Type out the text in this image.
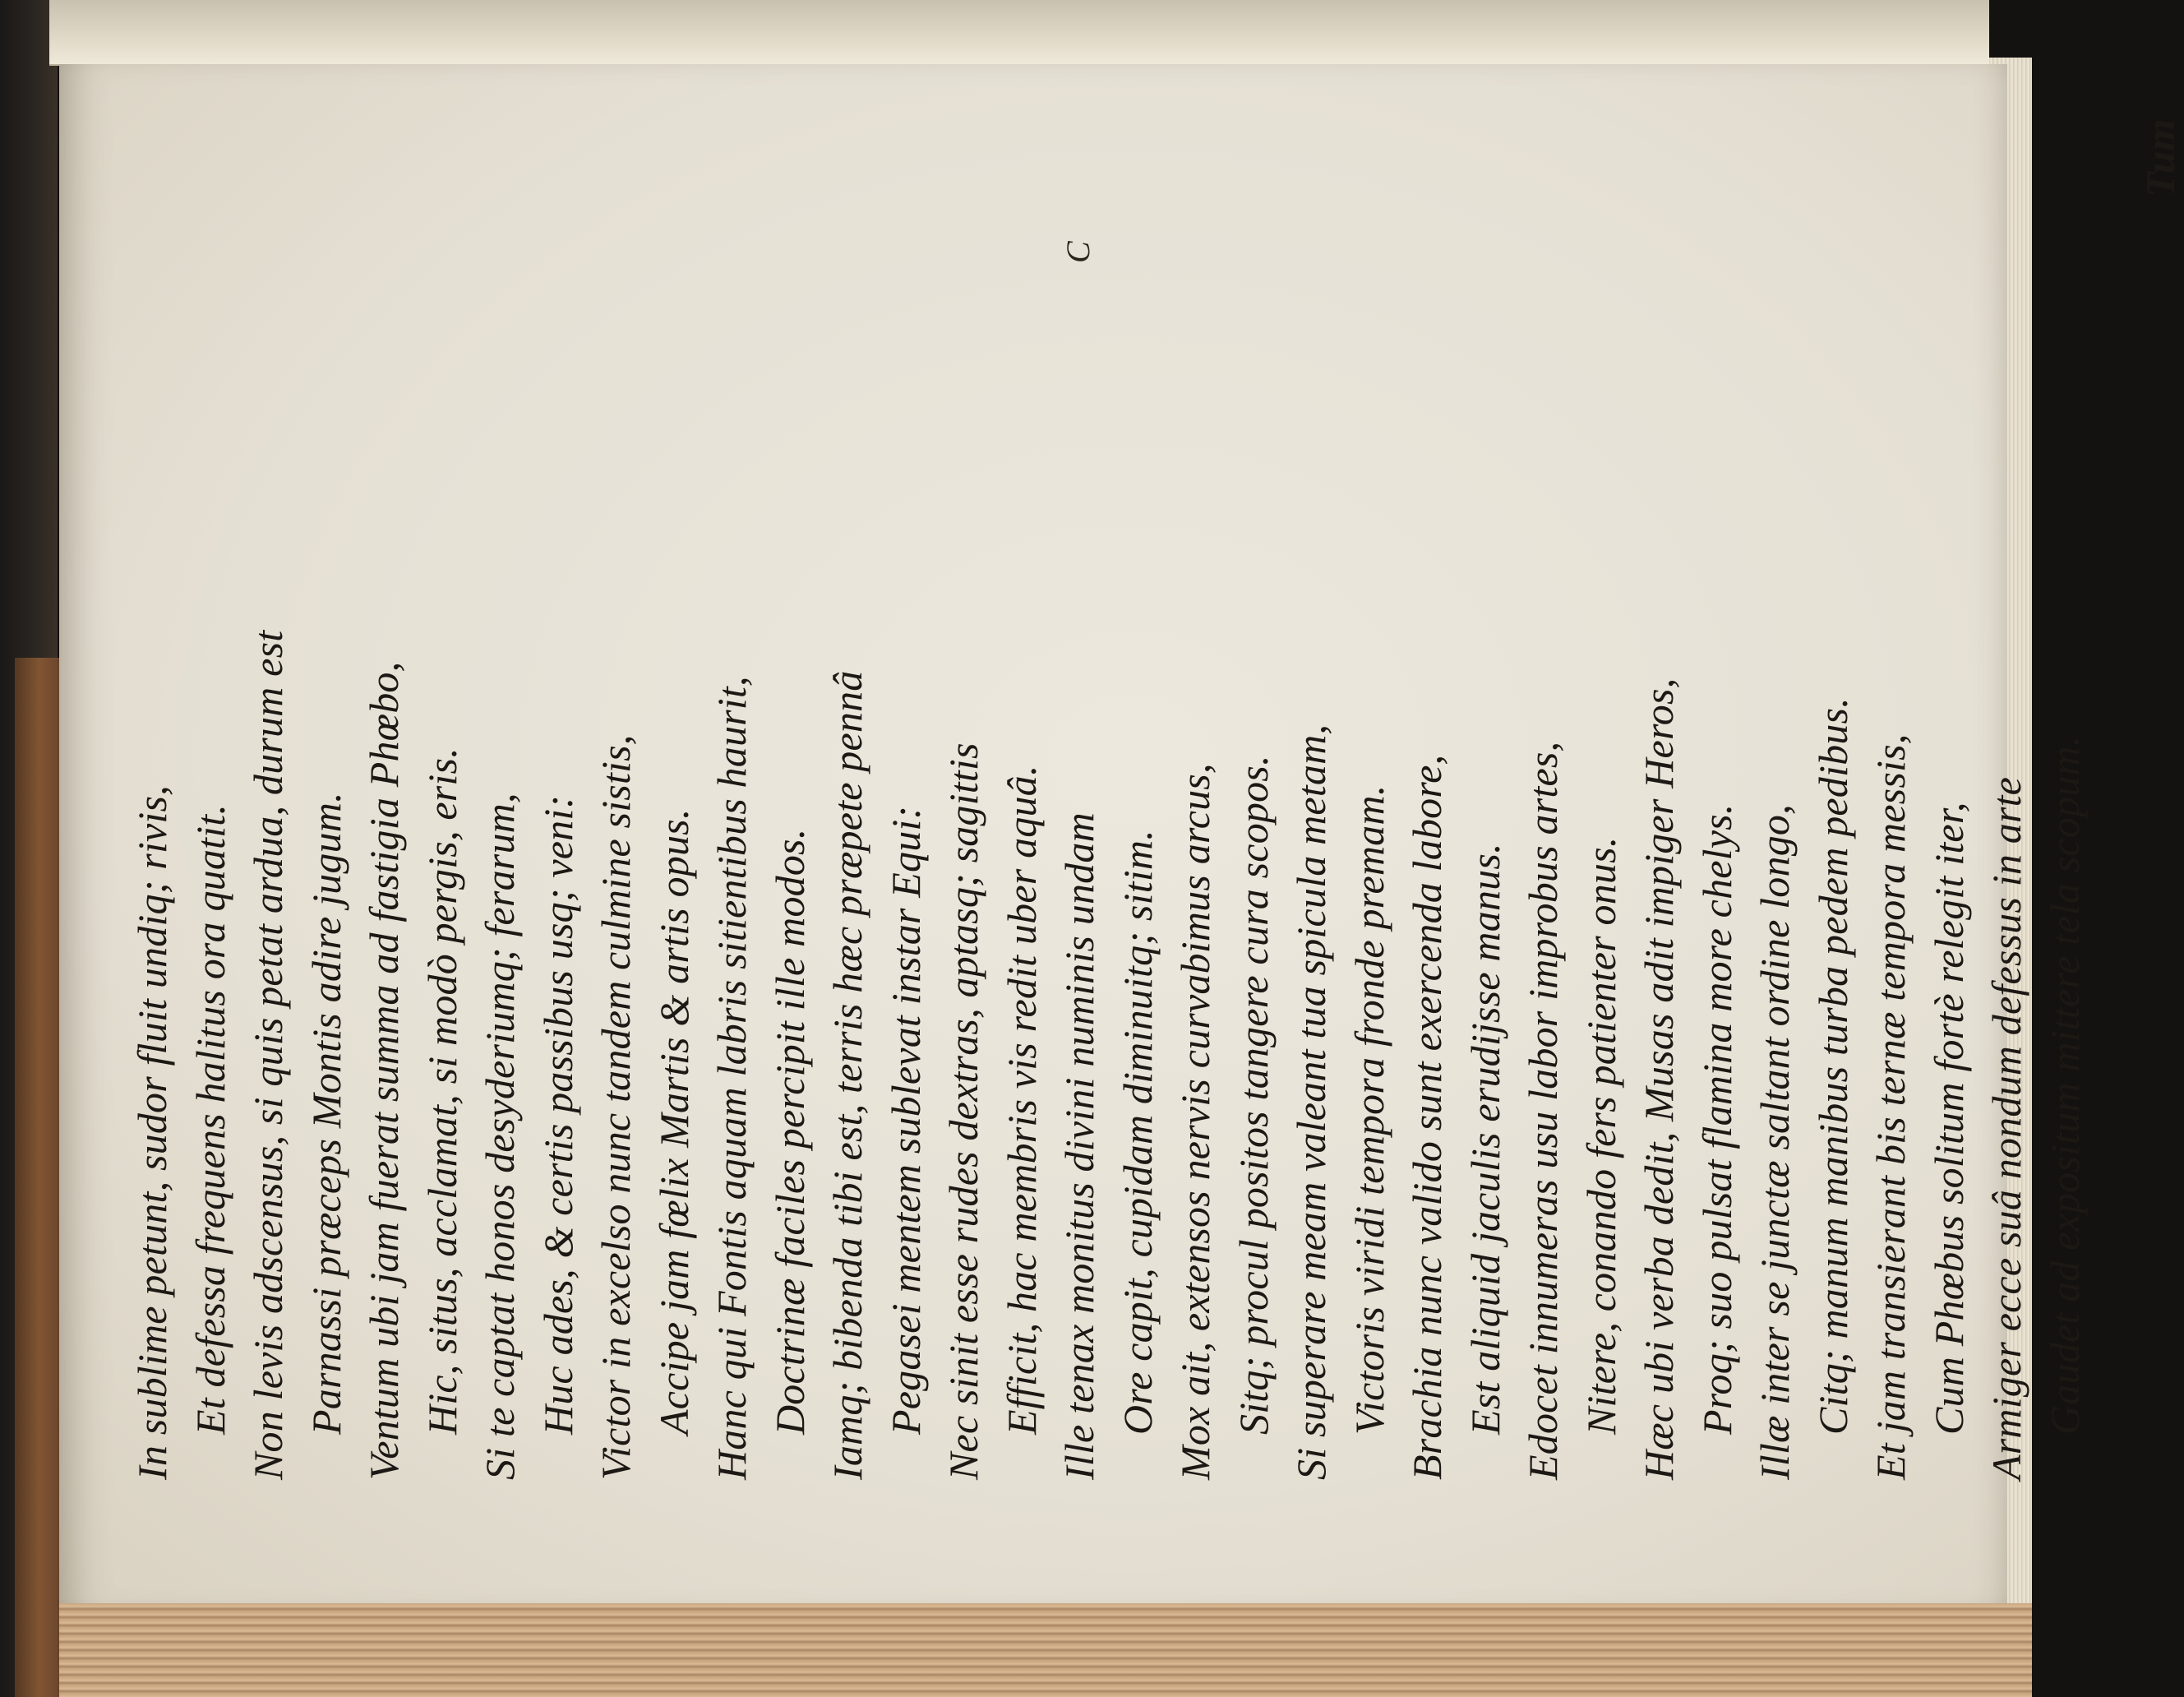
In sublime petunt, sudor fluit undiq; rivis, Et defessa frequens halitus ora quatit. Non levis adscensus, si quis petat ardua, durum est Parnassi præceps Montis adire jugum. Ventum ubi jam fuerat summa ad fastigia Phœbo, Hic, situs, acclamat, si modò pergis, eris. Si te captat honos desyderiumq; ferarum, Huc ades, & certis passibus usq; veni: Victor in excelso nunc tandem culmine sistis, Accipe jam fœlix Martis & artis opus. Hanc qui Fontis aquam labris sitientibus haurit, Doctrinæ faciles percipit ille modos. Iamq; bibenda tibi est, terris hæc præpete pennâ Pegasei mentem sublevat instar Equi: Nec sinit esse rudes dextras, aptasq; sagittis Efficit, hac membris vis redit uber aquâ. Ille tenax monitus divini numinis undam Ore capit, cupidam diminuitq; sitim. Mox ait, extensos nervis curvabimus arcus, Sitq; procul positos tangere cura scopos. Si superare meam valeant tua spicula metam, Victoris viridi tempora fronde premam. Brachia nunc valido sunt exercenda labore, Est aliquid jaculis erudijsse manus. Edocet innumeras usu labor improbus artes, Nitere, conando fers patienter onus. Hæc ubi verba dedit, Musas adit impiger Heros, Proq; suo pulsat flamina more chelys. Illæ inter se junctæ saltant ordine longo, Citq; manum manibus turba pedem pedibus. Et jam transierant bis ternæ tempora messis, Cum Phœbus solitum fortè relegit iter, Armiger ecce suâ nondum defessus in arte Gaudet ad expositum mittere tela scopum.
C
Tum
